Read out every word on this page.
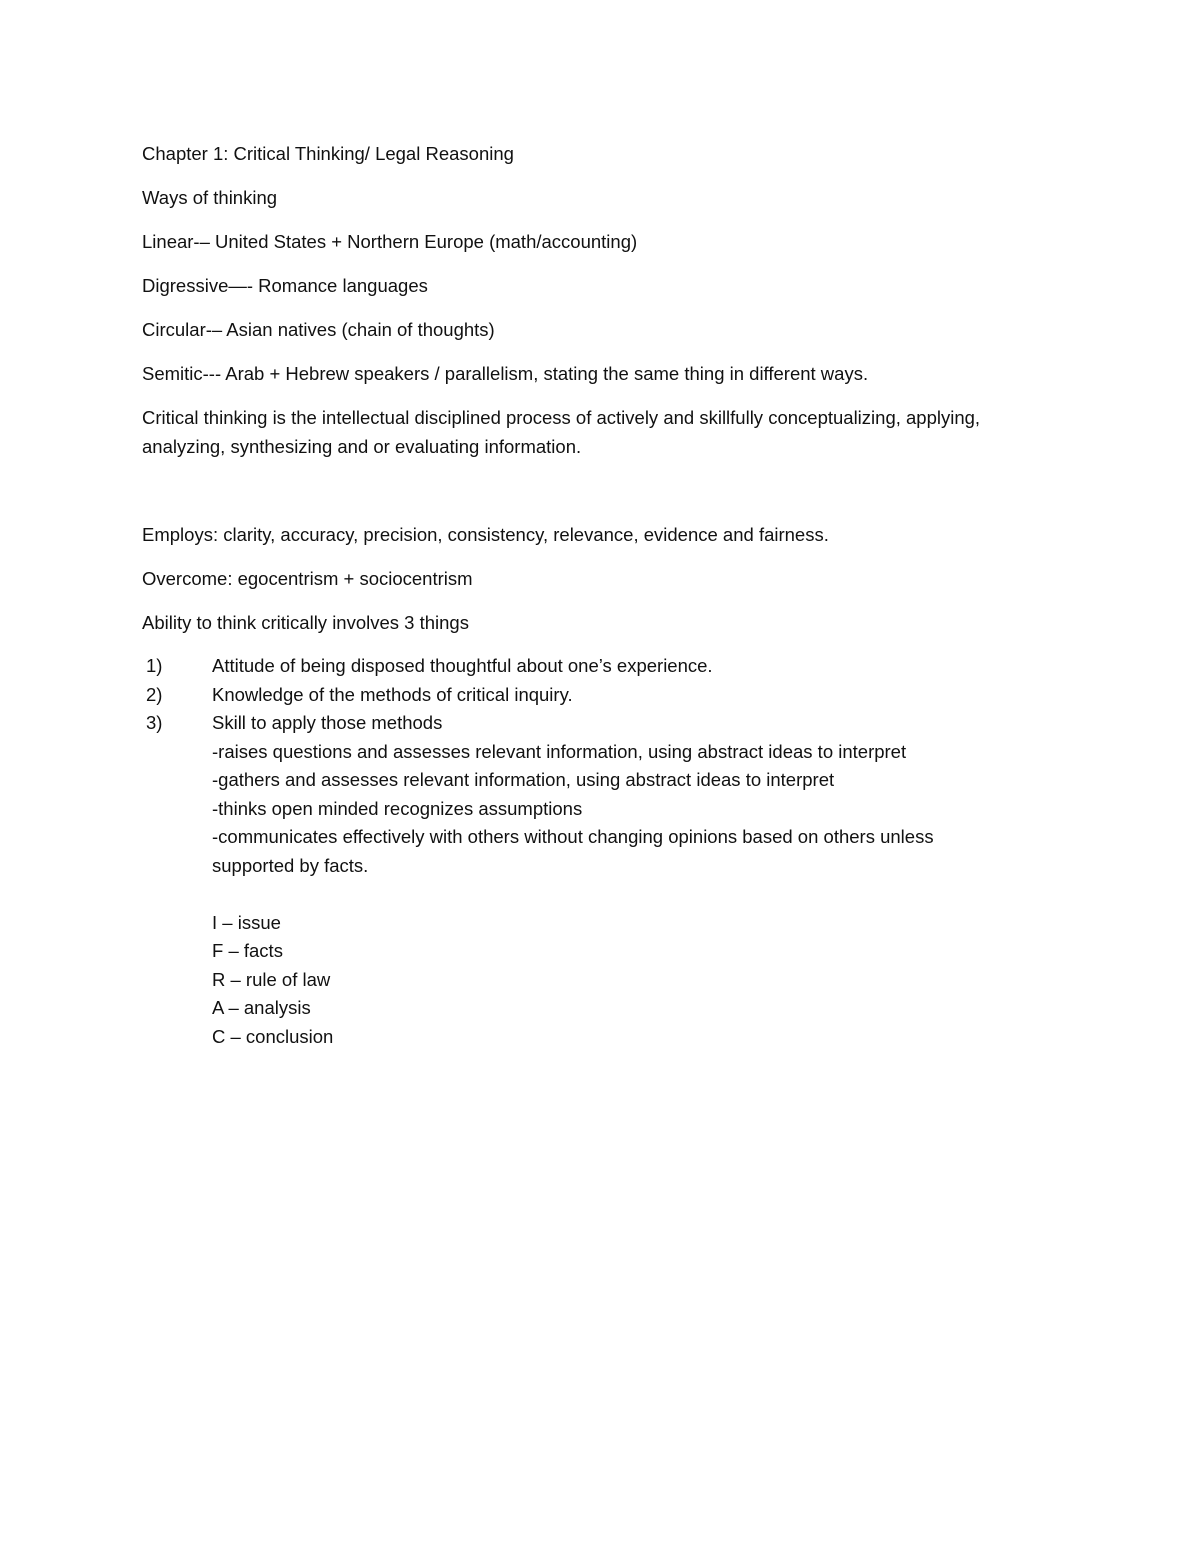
Chapter 1: Critical Thinking/ Legal Reasoning

Ways of thinking

Linear-– United States + Northern Europe (math/accounting)

Digressive—- Romance languages

Circular-– Asian natives (chain of thoughts)

Semitic--- Arab + Hebrew speakers / parallelism, stating the same thing in different ways.

Critical thinking is the intellectual disciplined process of actively and skillfully conceptualizing, applying,
analyzing, synthesizing and or evaluating information.

Employs: clarity, accuracy, precision, consistency, relevance, evidence and fairness.

Overcome: egocentrism + sociocentrism

Ability to think critically involves 3 things

1)	Attitude of being disposed thoughtful about one’s experience.
2)	Knowledge of the methods of critical inquiry.
3)	Skill to apply those methods
-raises questions and assesses relevant information, using abstract ideas to interpret
-gathers and assesses relevant information, using abstract ideas to interpret
-thinks open minded recognizes assumptions
-communicates effectively with others without changing opinions based on others unless
supported by facts.
I – issue
F – facts
R – rule of law
A – analysis
C – conclusion
